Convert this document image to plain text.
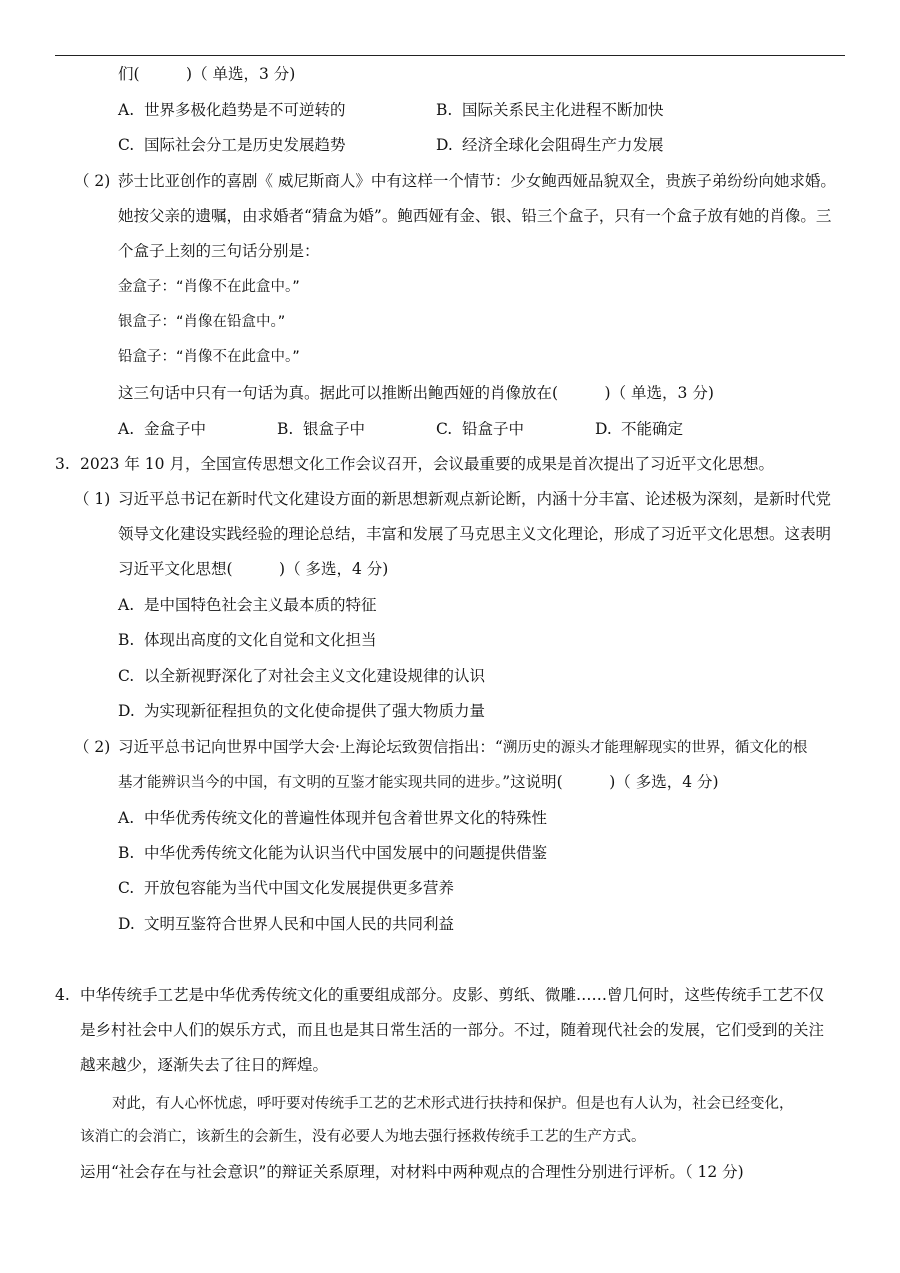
们(　　　)（ 单选，3 分)
A. 世界多极化趋势是不可逆转的	B. 国际关系民主化进程不断加快
C. 国际社会分工是历史发展趋势	D. 经济全球化会阻碍生产力发展
（ 2) 莎士比亚创作的喜剧《 威尼斯商人》中有这样一个情节：少女鲍西娅品貌双全，贵族子弟纷纷向她求婚。
她按父亲的遗嘱，由求婚者“猜盒为婚”。鲍西娅有金、银、铅三个盒子，只有一个盒子放有她的肖像。三
个盒子上刻的三句话分别是：
金盒子：“肖像不在此盒中。”
银盒子：“肖像在铅盒中。”
铅盒子：“肖像不在此盒中。”
这三句话中只有一句话为真。据此可以推断出鲍西娅的肖像放在(　　　)（ 单选，3 分)
A. 金盒子中	B. 银盒子中	C. 铅盒子中	D. 不能确定
3. 2023 年 10 月，全国宣传思想文化工作会议召开，会议最重要的成果是首次提出了习近平文化思想。
（ 1) 习近平总书记在新时代文化建设方面的新思想新观点新论断，内涵十分丰富、论述极为深刻，是新时代党
领导文化建设实践经验的理论总结，丰富和发展了马克思主义文化理论，形成了习近平文化思想。这表明
习近平文化思想(　　　)（ 多选，4 分)
A. 是中国特色社会主义最本质的特征
B. 体现出高度的文化自觉和文化担当
C. 以全新视野深化了对社会主义文化建设规律的认识
D. 为实现新征程担负的文化使命提供了强大物质力量
（ 2) 习近平总书记向世界中国学大会·上海论坛致贺信指出：“溯历史的源头才能理解现实的世界，循文化的根
基才能辨识当今的中国，有文明的互鉴才能实现共同的进步。”这说明(　　　)（ 多选，4 分)
A. 中华优秀传统文化的普遍性体现并包含着世界文化的特殊性
B. 中华优秀传统文化能为认识当代中国发展中的问题提供借鉴
C. 开放包容能为当代中国文化发展提供更多营养
D. 文明互鉴符合世界人民和中国人民的共同利益
4. 中华传统手工艺是中华优秀传统文化的重要组成部分。皮影、剪纸、微雕……曾几何时，这些传统手工艺不仅
是乡村社会中人们的娱乐方式，而且也是其日常生活的一部分。不过，随着现代社会的发展，它们受到的关注
越来越少，逐渐失去了往日的辉煌。
对此，有人心怀忧虑，呼吁要对传统手工艺的艺术形式进行扶持和保护。但是也有人认为，社会已经变化，
该消亡的会消亡，该新生的会新生，没有必要人为地去强行拯救传统手工艺的生产方式。
运用“社会存在与社会意识”的辩证关系原理，对材料中两种观点的合理性分别进行评析。（ 12 分)
